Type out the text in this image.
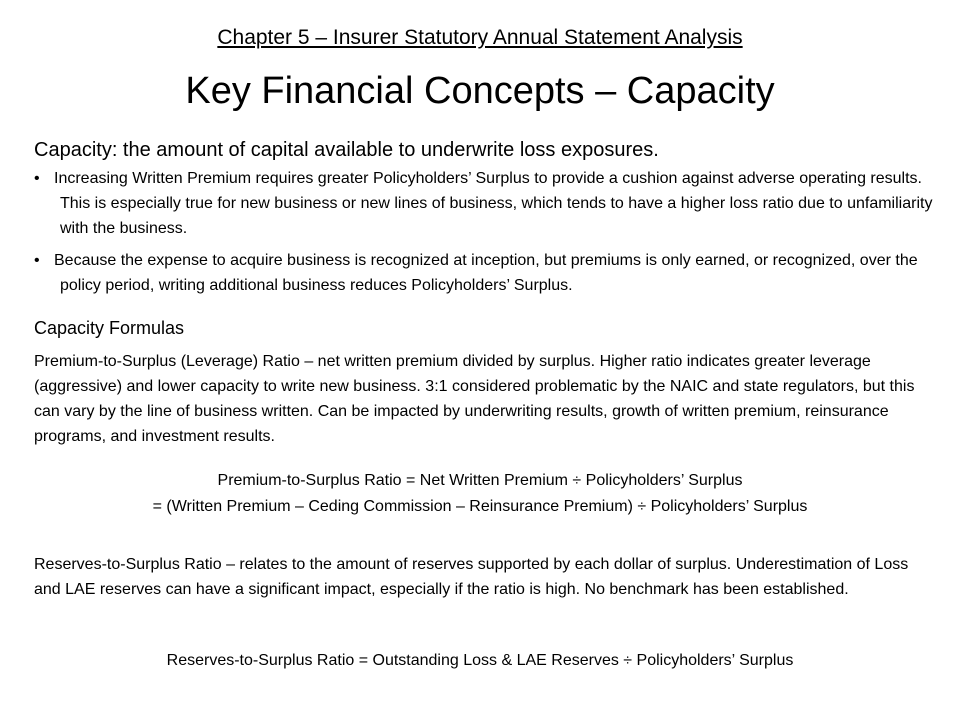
Chapter 5 – Insurer Statutory Annual Statement Analysis
Key Financial Concepts – Capacity
Capacity: the amount of capital available to underwrite loss exposures.
• Increasing Written Premium requires greater Policyholders’ Surplus to provide a cushion against adverse operating results. This is especially true for new business or new lines of business, which tends to have a higher loss ratio due to unfamiliarity with the business.
• Because the expense to acquire business is recognized at inception, but premiums is only earned, or recognized, over the policy period, writing additional business reduces Policyholders’ Surplus.
Capacity Formulas
Premium-to-Surplus (Leverage) Ratio – net written premium divided by surplus. Higher ratio indicates greater leverage (aggressive) and lower capacity to write new business. 3:1 considered problematic by the NAIC and state regulators, but this can vary by the line of business written. Can be impacted by underwriting results, growth of written premium, reinsurance programs, and investment results.
Premium-to-Surplus Ratio = Net Written Premium ÷ Policyholders’ Surplus
= (Written Premium – Ceding Commission – Reinsurance Premium) ÷ Policyholders’ Surplus
Reserves-to-Surplus Ratio – relates to the amount of reserves supported by each dollar of surplus. Underestimation of Loss and LAE reserves can have a significant impact, especially if the ratio is high. No benchmark has been established.
Reserves-to-Surplus Ratio = Outstanding Loss & LAE Reserves ÷ Policyholders’ Surplus
